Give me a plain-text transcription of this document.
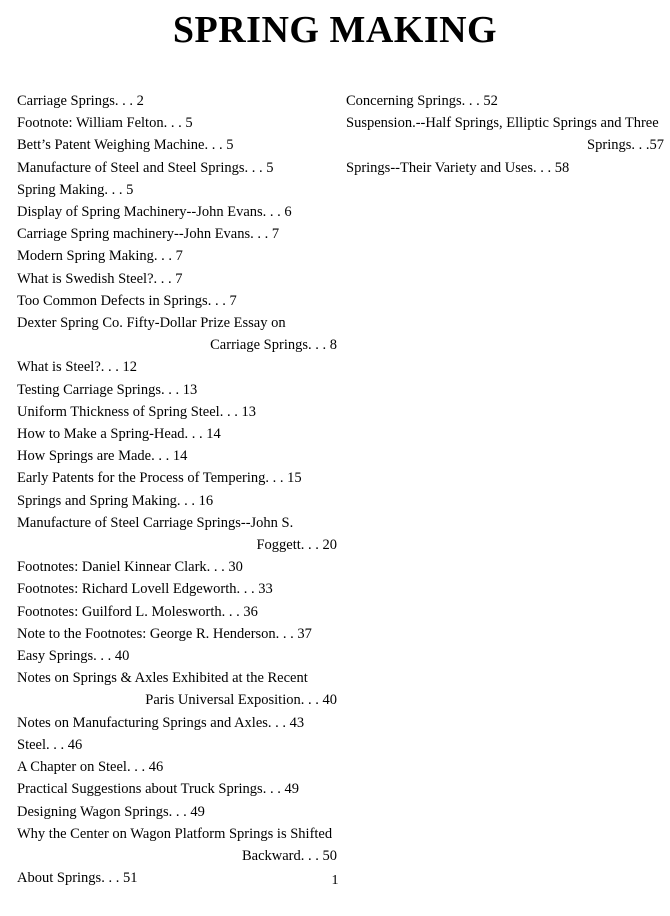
SPRING MAKING
Carriage Springs. . . 2
Footnote: William Felton. . . 5
Bett’s Patent Weighing Machine. . . 5
Manufacture of Steel and Steel Springs. . . 5
Spring Making. . . 5
Display of Spring Machinery--John Evans. . . 6
Carriage Spring machinery--John Evans. . . 7
Modern Spring Making. . . 7
What is Swedish Steel?. . . 7
Too Common Defects in Springs. . . 7
Dexter Spring Co. Fifty-Dollar Prize Essay on
Carriage Springs. . . 8
What is Steel?. . . 12
Testing Carriage Springs. . . 13
Uniform Thickness of Spring Steel. . . 13
How to Make a Spring-Head. . . 14
How Springs are Made. . . 14
Early Patents for the Process of Tempering. . . 15
Springs and Spring Making. . . 16
Manufacture of Steel Carriage Springs--John S.
Foggett. . . 20
Footnotes: Daniel Kinnear Clark. . . 30
Footnotes: Richard Lovell Edgeworth. . . 33
Footnotes: Guilford L. Molesworth. . . 36
Note to the Footnotes: George R. Henderson. . . 37
Easy Springs. . . 40
Notes on Springs & Axles Exhibited at the Recent
Paris Universal Exposition. . . 40
Notes on Manufacturing Springs and Axles. . . 43
Steel. . . 46
A Chapter on Steel. . . 46
Practical Suggestions about Truck Springs. . . 49
Designing Wagon Springs. . . 49
Why the Center on Wagon Platform Springs is Shifted
Backward. . . 50
About Springs. . . 51
Concerning Springs. . . 52
Suspension.--Half Springs, Elliptic Springs and Three
Springs. . .57
Springs--Their Variety and Uses. . . 58
1
